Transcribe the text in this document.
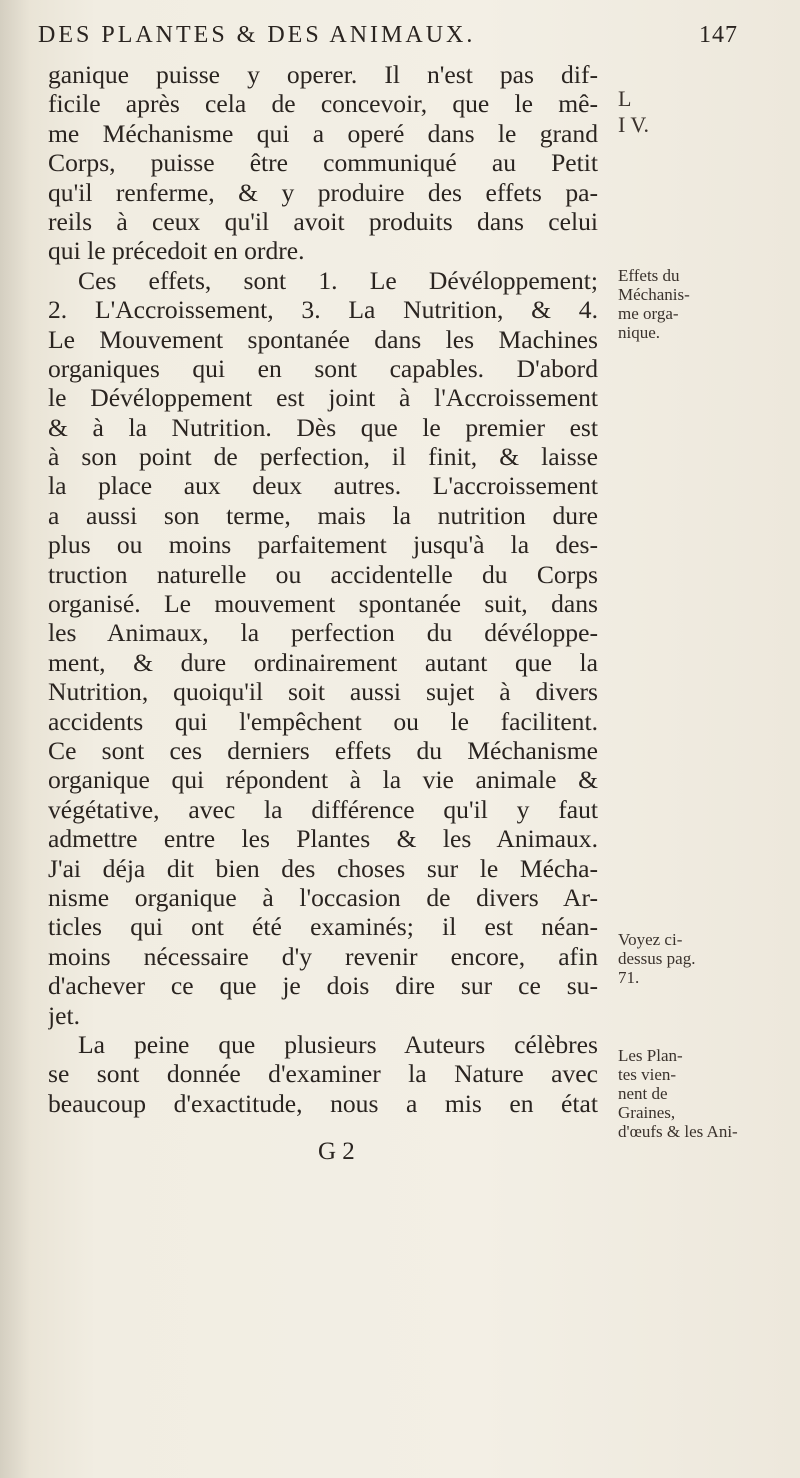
DES PLANTES & DES ANIMAUX.	147
ganique puisse y operer. Il n'est pas dif-
ficile après cela de concevoir, que le mê-
me Méchanisme qui a operé dans le grand
Corps, puisse être communiqué au Petit
qu'il renferme, & y produire des effets pa-
reils à ceux qu'il avoit produits dans celui
qui le précedoit en ordre.
Ces effets, sont 1. Le Dévéloppement;
2. L'Accroissement, 3. La Nutrition, & 4.
Le Mouvement spontanée dans les Machines
organiques qui en sont capables. D'abord
le Dévéloppement est joint à l'Accroissement
& à la Nutrition. Dès que le premier est
à son point de perfection, il finit, & laisse
la place aux deux autres. L'accroissement
a aussi son terme, mais la nutrition dure
plus ou moins parfaitement jusqu'à la des-
truction naturelle ou accidentelle du Corps
organisé. Le mouvement spontanée suit, dans
les Animaux, la perfection du dévéloppe-
ment, & dure ordinairement autant que la
Nutrition, quoiqu'il soit aussi sujet à divers
accidents qui l'empêchent ou le facilitent.
Ce sont ces derniers effets du Méchanisme
organique qui répondent à la vie animale &
végétative, avec la différence qu'il y faut
admettre entre les Plantes & les Animaux.
J'ai déja dit bien des choses sur le Mécha-
nisme organique à l'occasion de divers Ar-
ticles qui ont été examinés; il est néan-
moins nécessaire d'y revenir encore, afin
d'achever ce que je dois dire sur ce su-
jet.
La peine que plusieurs Auteurs célèbres
se sont donnée d'examiner la Nature avec
beaucoup d'exactitude, nous a mis en état
L
I V.
Effets du
Méchanis-
me orga-
nique.
Voyez ci-
dessus pag.
71.
Les Plan-
tes vien-
nent de
Graines,
d'œufs & les Ani-
G 2
